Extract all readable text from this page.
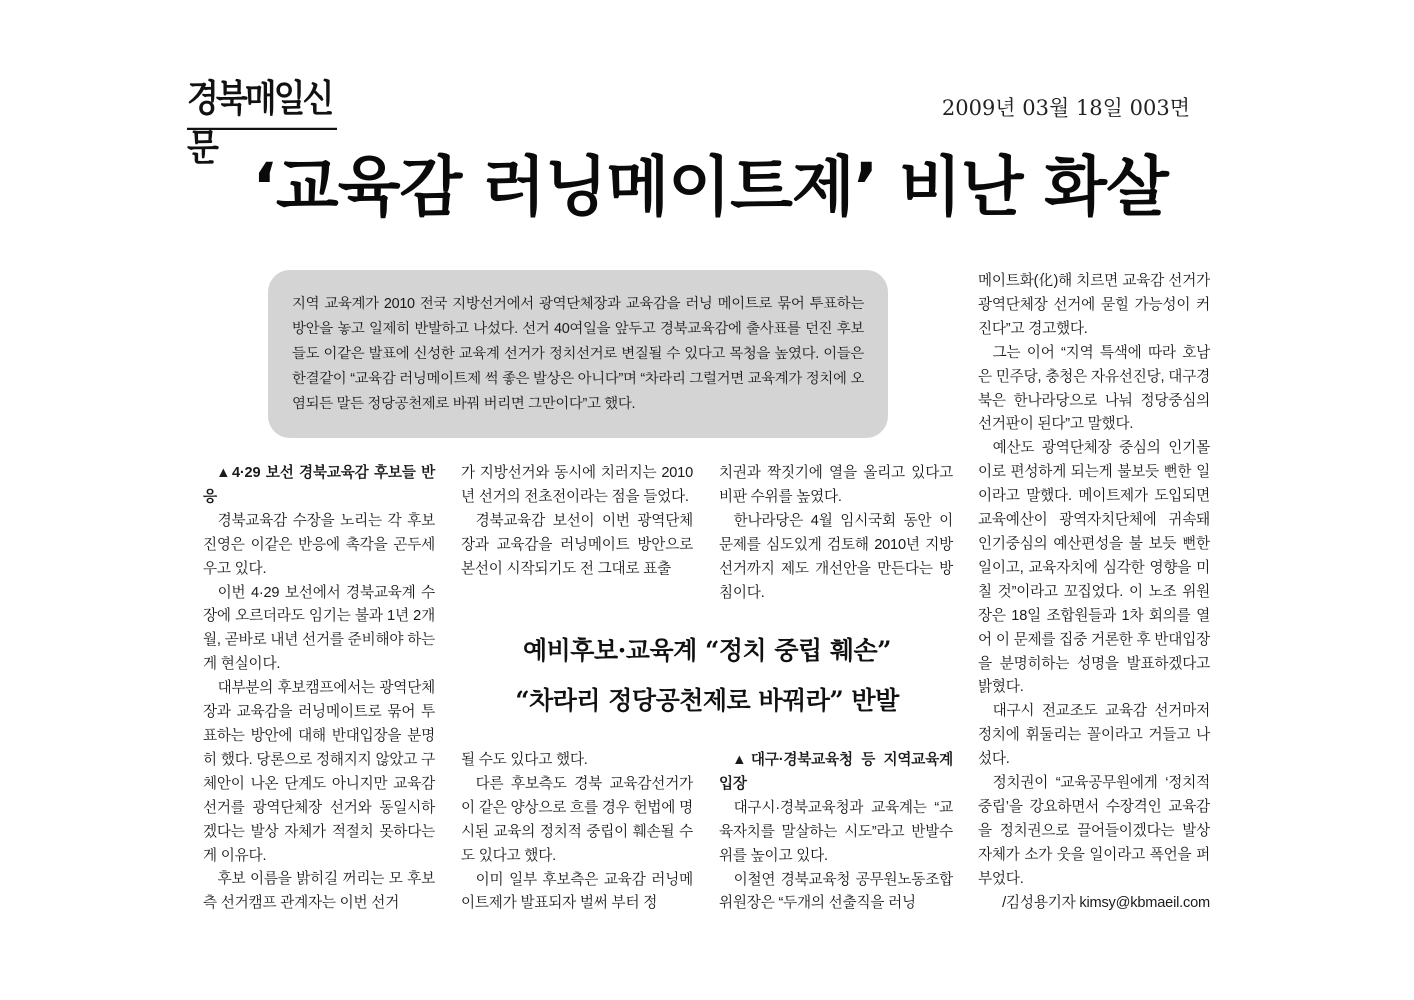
경북매일신문
2009년 03월 18일 003면
‘교육감 러닝메이트제’ 비난 화살
지역 교육계가 2010 전국 지방선거에서 광역단체장과 교육감을 러닝 메이트로 묶어 투표하는 방안을 놓고 일제히 반발하고 나섰다. 선거 40여일을 앞두고 경북교육감에 출사표를 던진 후보들도 이같은 발표에 신성한 교육계 선거가 정치선거로 변질될 수 있다고 목청을 높였다. 이들은 한결같이 “교육감 러닝메이트제 썩 좋은 발상은 아니다”며 “차라리 그럴거면 교육계가 정치에 오염되든 말든 정당공천제로 바꿔 버리면 그만이다”고 했다.

▲4·29 보선 경북교육감 후보들 반응

경북교육감 수장을 노리는 각 후보진영은 이같은 반응에 촉각을 곤두세우고 있다.

이번 4·29 보선에서 경북교육계 수장에 오르더라도 임기는 불과 1년 2개월, 곧바로 내년 선거를 준비해야 하는게 현실이다.

대부분의 후보캠프에서는 광역단체장과 교육감을 러닝메이트로 묶어 투표하는 방안에 대해 반대입장을 분명히 했다. 당론으로 정해지지 않았고 구체안이 나온 단계도 아니지만 교육감 선거를 광역단체장 선거와 동일시하겠다는 발상 자체가 적절치 못하다는게 이유다.

후보 이름을 밝히길 꺼리는 모 후보측 선거캠프 관계자는 이번 선거

가 지방선거와 동시에 치러지는 2010년 선거의 전초전이라는 점을 들었다.

경북교육감 보선이 이번 광역단체장과 교육감을 러닝메이트 방안으로 본선이 시작되기도 전 그대로 표출

치권과 짝짓기에 열을 올리고 있다고 비판 수위를 높였다.

한나라당은 4월 임시국회 동안 이 문제를 심도있게 검토해 2010년 지방선거까지 제도 개선안을 만든다는 방침이다.

예비후보·교육계 “정치 중립 훼손”
“차라리 정당공천제로 바꿔라” 반발

될 수도 있다고 했다.

다른 후보측도 경북 교육감선거가 이 같은 양상으로 흐를 경우 헌법에 명시된 교육의 정치적 중립이 훼손될 수도 있다고 했다.

이미 일부 후보측은 교육감 러닝메이트제가 발표되자 벌써 부터 정

▲대구·경북교육청 등 지역교육계 입장

대구시·경북교육청과 교육계는 “교육자치를 말살하는 시도”라고 반발수위를 높이고 있다.

이철연 경북교육청 공무원노동조합 위원장은 “두개의 선출직을 러닝

메이트화(化)해 치르면 교육감 선거가 광역단체장 선거에 묻힐 가능성이 커진다”고 경고했다.

그는 이어 “지역 특색에 따라 호남은 민주당, 충청은 자유선진당, 대구경북은 한나라당으로 나눠 정당중심의 선거판이 된다”고 말했다.

예산도 광역단체장 중심의 인기몰이로 편성하게 되는게 불보듯 뻔한 일이라고 말했다. 메이트제가 도입되면 교육예산이 광역자치단체에 귀속돼 인기중심의 예산편성을 불 보듯 뻔한 일이고, 교육자치에 심각한 영향을 미칠 것”이라고 꼬집었다. 이 노조 위원장은 18일 조합원들과 1차 회의를 열어 이 문제를 집중 거론한 후 반대입장을 분명히하는 성명을 발표하겠다고 밝혔다.

대구시 전교조도 교육감 선거마저 정치에 휘둘리는 꼴이라고 거들고 나섰다.

정치권이 “교육공무원에게 ‘정치적 중립’을 강요하면서 수장격인 교육감을 정치권으로 끌어들이겠다는 발상 자체가 소가 웃을 일이라고 폭언을 퍼부었다.

/김성용기자 kimsy@kbmaeil.com
